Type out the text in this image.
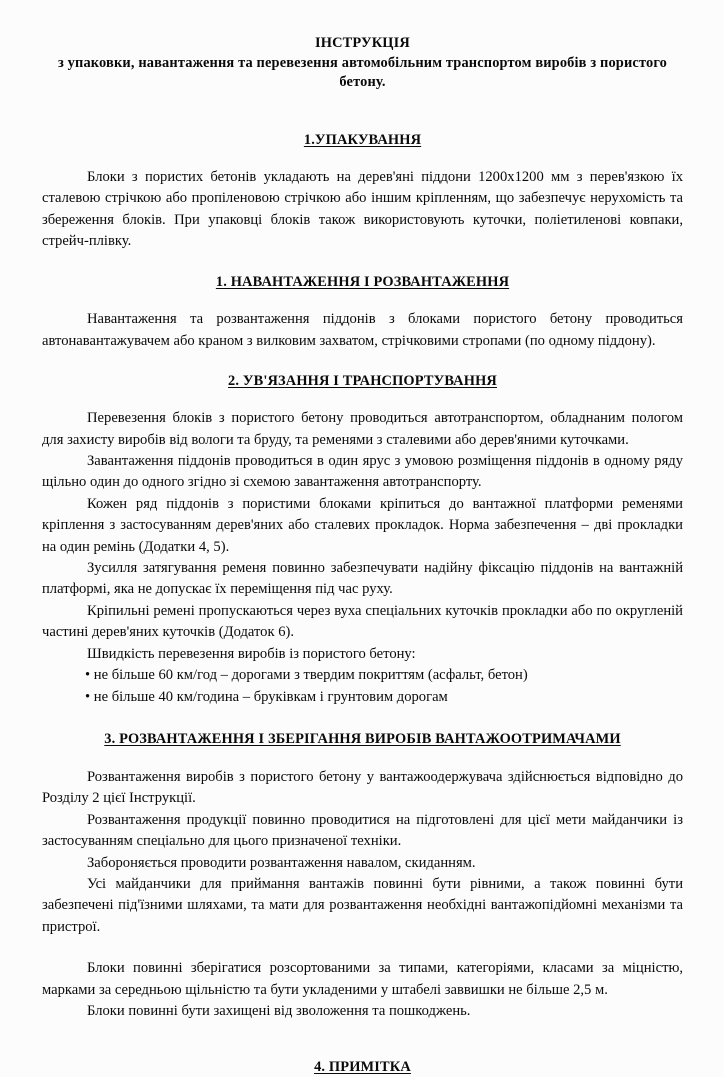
ІНСТРУКЦІЯ
з упаковки, навантаження та перевезення автомобільним транспортом виробів з пористого бетону.
1.УПАКУВАННЯ

Блоки з пористих бетонів укладають на дерев'яні піддони 1200х1200 мм з перев'язкою їх сталевою стрічкою або пропіленовою стрічкою або іншим кріпленням, що забезпечує нерухомість та збереження блоків. При упаковці блоків також використовують куточки, поліетиленові ковпаки, стрейч-плівку.

1. НАВАНТАЖЕННЯ І РОЗВАНТАЖЕННЯ

Навантаження та розвантаження піддонів з блоками пористого бетону проводиться автонавантажувачем або краном з вилковим захватом, стрічковими стропами (по одному піддону).

2. УВ'ЯЗАННЯ І ТРАНСПОРТУВАННЯ

Перевезення блоків з пористого бетону проводиться автотранспортом, обладнаним пологом для захисту виробів від вологи та бруду, та ременями з сталевими або дерев'яними куточками.

Завантаження піддонів проводиться в один ярус з умовою розміщення піддонів в одному ряду щільно один до одного згідно зі схемою завантаження автотранспорту.

Кожен ряд піддонів з пористими блоками кріпиться до вантажної платформи ременями кріплення з застосуванням дерев'яних або сталевих прокладок. Норма забезпечення – дві прокладки на один ремінь (Додатки 4, 5).

Зусилля затягування ременя повинно забезпечувати надійну фіксацію піддонів на вантажній платформі, яка не допускає їх переміщення під час руху.

Кріпильні ремені пропускаються через вуха спеціальних куточків прокладки або по округленій частині дерев'яних куточків (Додаток 6).

Швидкість перевезення виробів із пористого бетону:

• не більше 60 км/год – дорогами з твердим покриттям (асфальт, бетон)

• не більше 40 км/година – бруківкам і грунтовим дорогам

3. РОЗВАНТАЖЕННЯ І ЗБЕРІГАННЯ ВИРОБІВ ВАНТАЖООТРИМАЧАМИ

Розвантаження виробів з пористого бетону у вантажоодержувача здійснюється відповідно до Розділу 2 цієї Інструкції.

Розвантаження продукції повинно проводитися на підготовлені для цієї мети майданчики із застосуванням спеціально для цього призначеної техніки.

Забороняється проводити розвантаження навалом, скиданням.

Усі майданчики для приймання вантажів повинні бути рівними, а також повинні бути забезпечені під'їзними шляхами, та мати для розвантаження необхідні вантажопідйомні механізми та пристрої.

Блоки повинні зберігатися розсортованими за типами, категоріями, класами за міцністю, марками за середньою щільністю та бути укладеними у штабелі заввишки не більше 2,5 м.

Блоки повинні бути захищені від зволоження та пошкоджень.

4. ПРИМІТКА
